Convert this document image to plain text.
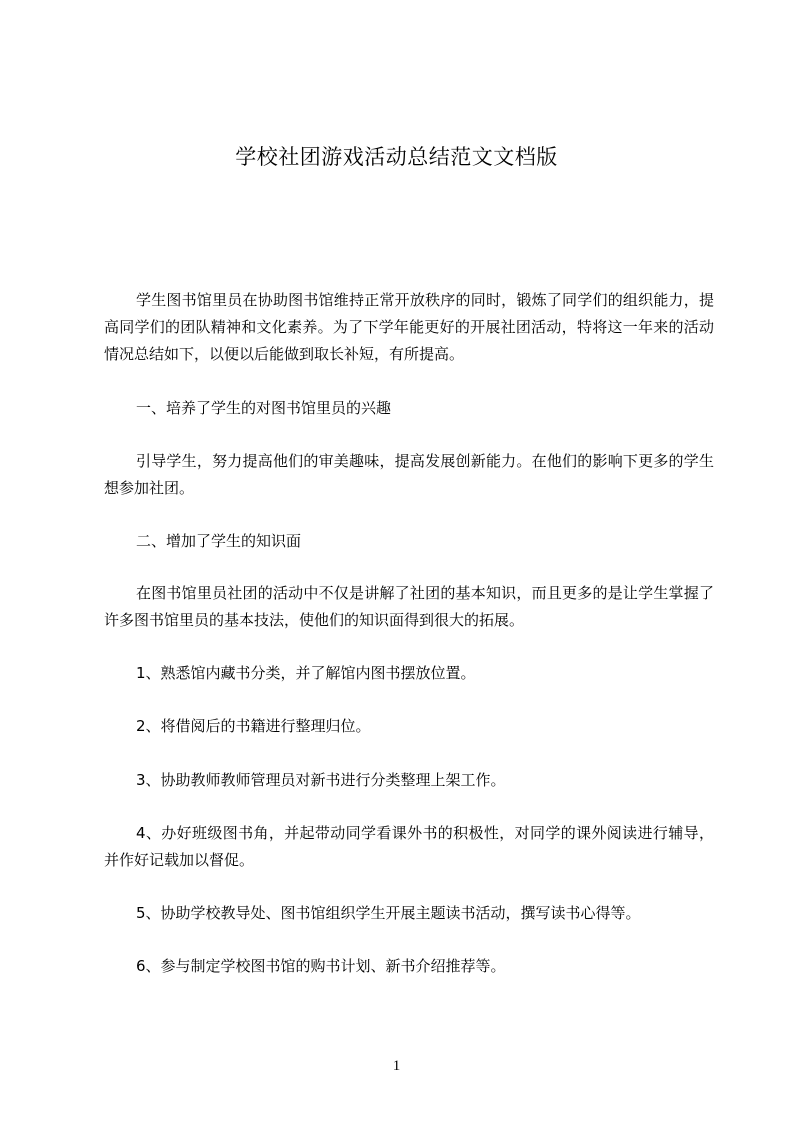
学校社团游戏活动总结范文文档版

学生图书馆里员在协助图书馆维持正常开放秩序的同时，锻炼了同学们的组织能力，提高同学们的团队精神和文化素养。为了下学年能更好的开展社团活动，特将这一年来的活动情况总结如下，以便以后能做到取长补短，有所提高。

一、培养了学生的对图书馆里员的兴趣

引导学生，努力提高他们的审美趣味，提高发展创新能力。在他们的影响下更多的学生想参加社团。

二、增加了学生的知识面

在图书馆里员社团的活动中不仅是讲解了社团的基本知识，而且更多的是让学生掌握了许多图书馆里员的基本技法，使他们的知识面得到很大的拓展。

1、熟悉馆内藏书分类，并了解馆内图书摆放位置。

2、将借阅后的书籍进行整理归位。

3、协助教师教师管理员对新书进行分类整理上架工作。

4、办好班级图书角，并起带动同学看课外书的积极性，对同学的课外阅读进行辅导，并作好记载加以督促。

5、协助学校教导处、图书馆组织学生开展主题读书活动，撰写读书心得等。

6、参与制定学校图书馆的购书计划、新书介绍推荐等。

1
